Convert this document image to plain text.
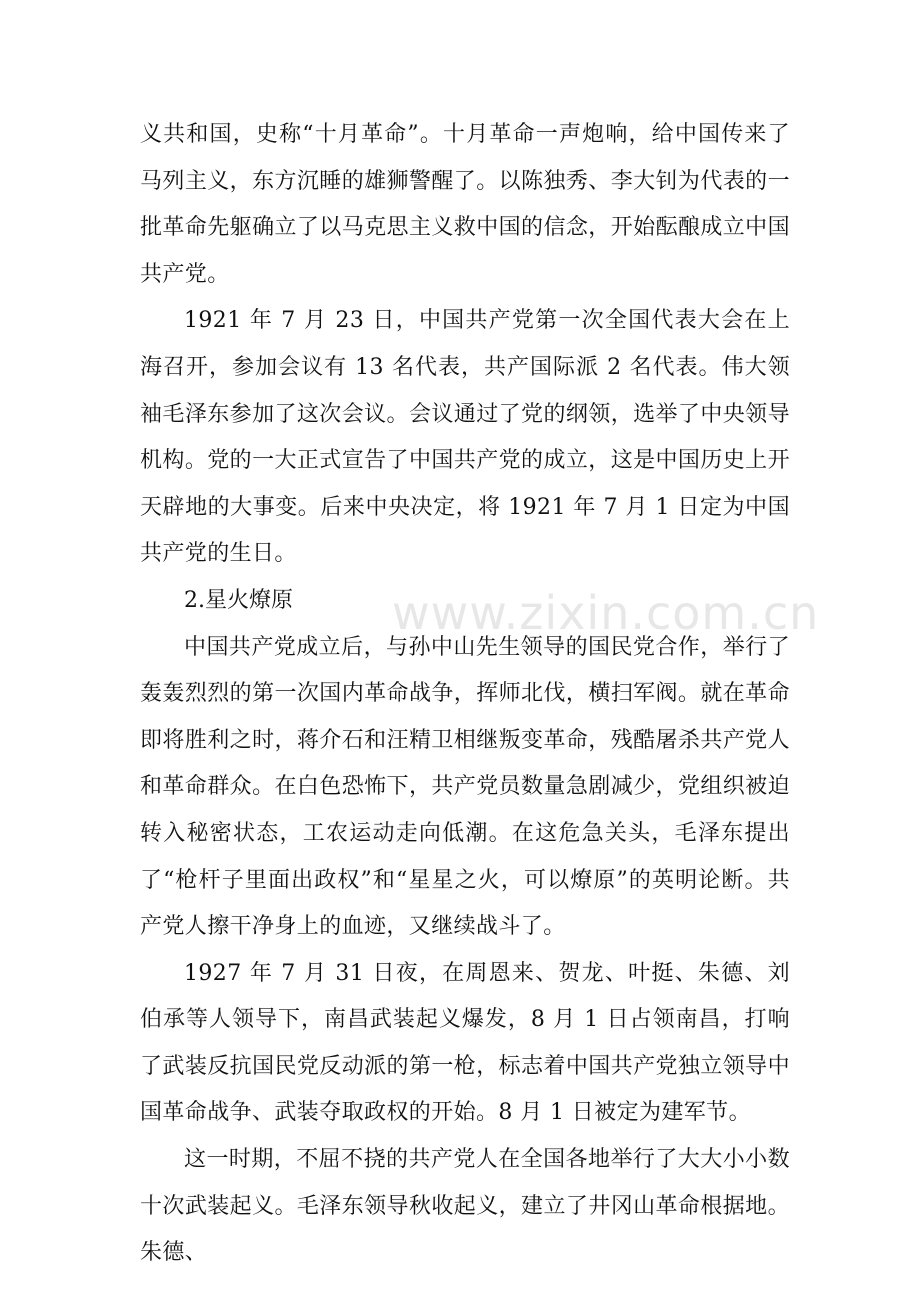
义共和国，史称“十月革命”。十月革命一声炮响，给中国传来了马列主义，东方沉睡的雄狮警醒了。以陈独秀、李大钊为代表的一批革命先躯确立了以马克思主义救中国的信念，开始酝酿成立中国共产党。

1921 年 7 月 23 日，中国共产党第一次全国代表大会在上海召开，参加会议有 13 名代表，共产国际派 2 名代表。伟大领袖毛泽东参加了这次会议。会议通过了党的纲领，选举了中央领导机构。党的一大正式宣告了中国共产党的成立，这是中国历史上开天辟地的大事变。后来中央决定，将 1921 年 7 月 1 日定为中国共产党的生日。

2.星火燎原

中国共产党成立后，与孙中山先生领导的国民党合作，举行了轰轰烈烈的第一次国内革命战争，挥师北伐，横扫军阀。就在革命即将胜利之时，蒋介石和汪精卫相继叛变革命，残酷屠杀共产党人和革命群众。在白色恐怖下，共产党员数量急剧减少，党组织被迫转入秘密状态，工农运动走向低潮。在这危急关头，毛泽东提出了“枪杆子里面出政权”和“星星之火，可以燎原”的英明论断。共产党人擦干净身上的血迹，又继续战斗了。

1927 年 7 月 31 日夜，在周恩来、贺龙、叶挺、朱德、刘伯承等人领导下，南昌武装起义爆发，8 月 1 日占领南昌，打响了武装反抗国民党反动派的第一枪，标志着中国共产党独立领导中国革命战争、武装夺取政权的开始。8 月 1 日被定为建军节。

这一时期，不屈不挠的共产党人在全国各地举行了大大小小数十次武装起义。毛泽东领导秋收起义，建立了井冈山革命根据地。朱德、

www.zixin.com.cn
